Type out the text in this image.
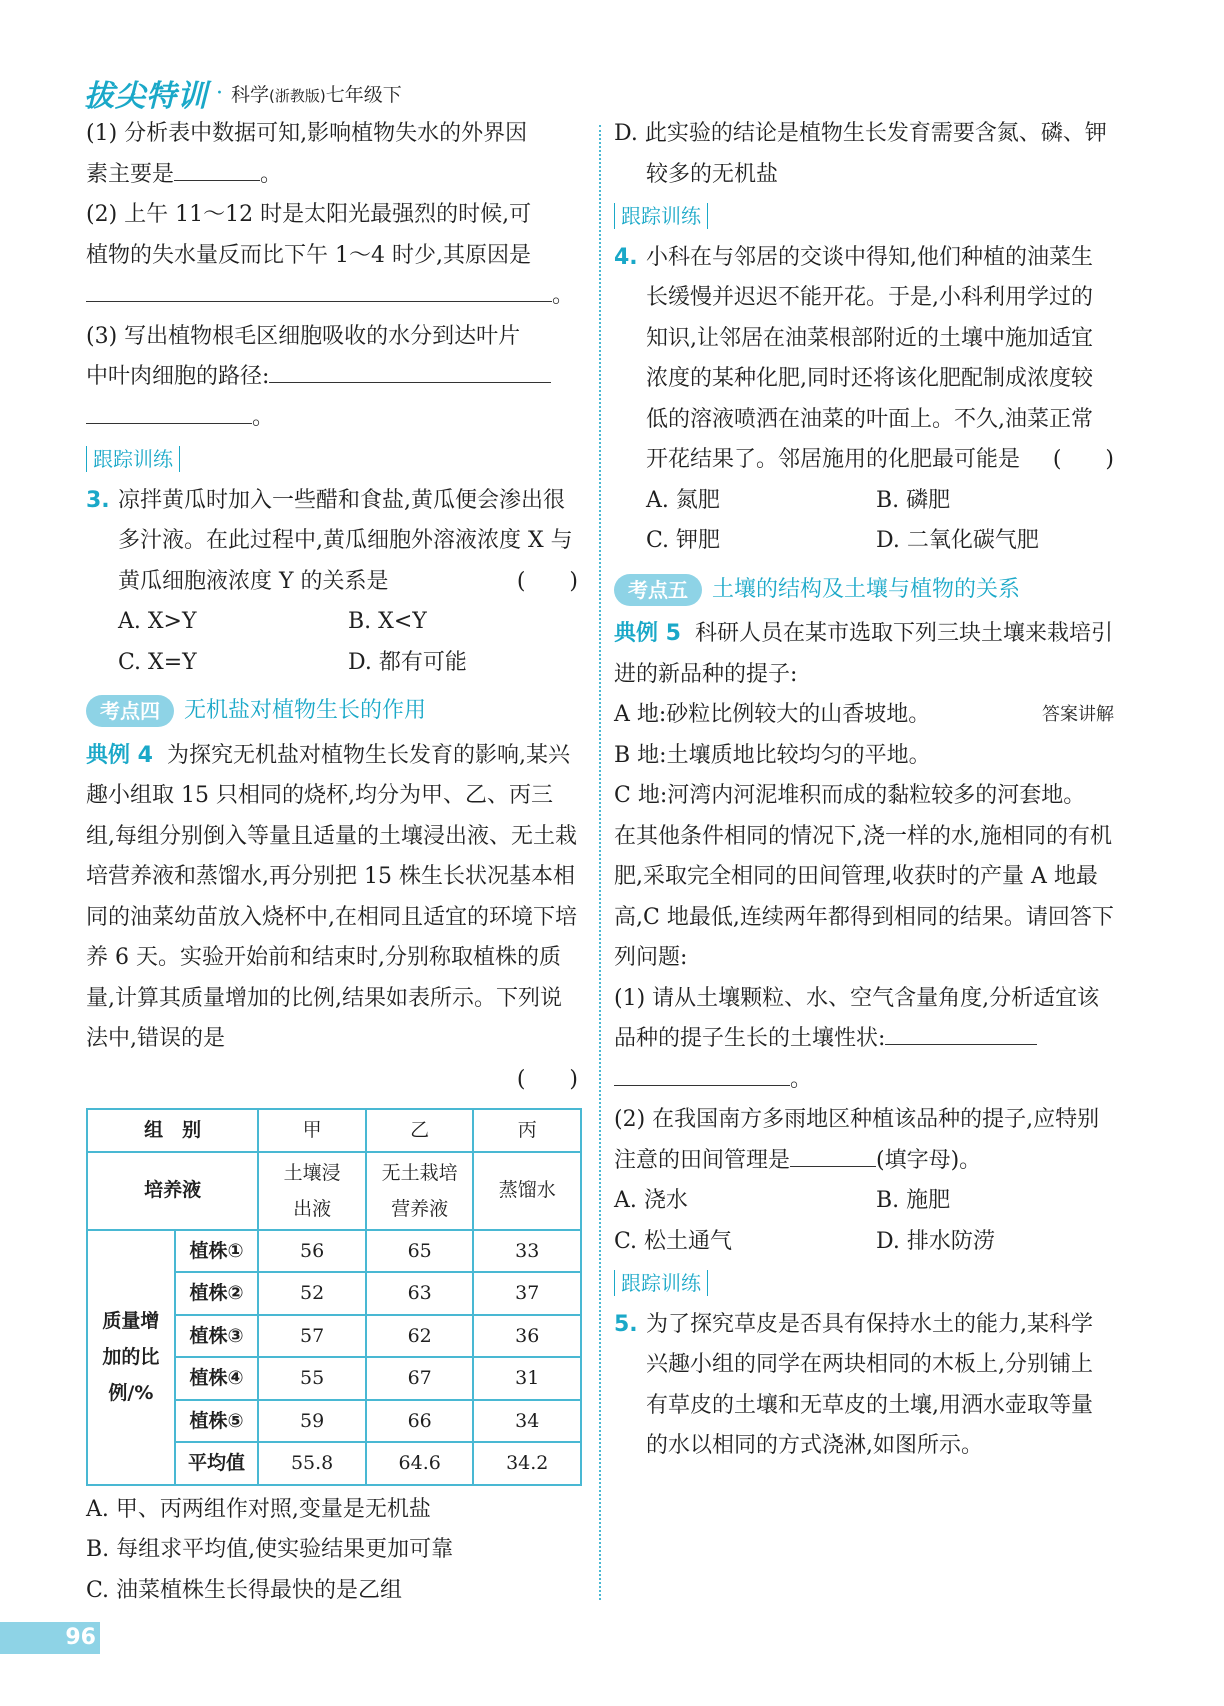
拔尖特训 · 科学(浙教版)七年级下

(1) 分析表中数据可知,影响植物失水的外界因

素主要是	。

(2) 上午 11～12 时是太阳光最强烈的时候,可

植物的失水量反而比下午 1～4 时少,其原因是

。

(3) 写出植物根毛区细胞吸收的水分到达叶片

中叶肉细胞的路径:

。

跟踪训练
3. 凉拌黄瓜时加入一些醋和食盐,黄瓜便会渗出很多汁液。在此过程中,黄瓜细胞外溶液浓度 X 与黄瓜细胞液浓度 Y 的关系是	(　　)
A. X>Y	B. X<Y
C. X=Y	D. 都有可能
考点四	无机盐对植物生长的作用

典例 4 为探究无机盐对植物生长发育的影响,某兴趣小组取 15 只相同的烧杯,均分为甲、乙、丙三组,每组分别倒入等量且适量的土壤浸出液、无土栽培营养液和蒸馏水,再分别把 15 株生长状况基本相同的油菜幼苗放入烧杯中,在相同且适宜的环境下培养 6 天。实验开始前和结束时,分别称取植株的质量,计算其质量增加的比例,结果如表所示。下列说法中,错误的是

(　　)

组　别		甲	乙	丙
培养液		土壤浸出液	无土栽培营养液	蒸馏水
质量增加的比例/%	植株①	56	65	33
	植株②	52	63	37
	植株③	57	62	36
	植株④	55	67	31
	植株⑤	59	66	34
	平均值	55.8	64.6	34.2
A. 甲、丙两组作对照,变量是无机盐
B. 每组求平均值,使实验结果更加可靠
C. 油菜植株生长得最快的是乙组

D. 此实验的结论是植物生长发育需要含氮、磷、钾较多的无机盐

跟踪训练
4. 小科在与邻居的交谈中得知,他们种植的油菜生长缓慢并迟迟不能开花。于是,小科利用学过的知识,让邻居在油菜根部附近的土壤中施加适宜浓度的某种化肥,同时还将该化肥配制成浓度较低的溶液喷洒在油菜的叶面上。不久,油菜正常开花结果了。邻居施用的化肥最可能是 (　　)
A. 氮肥	B. 磷肥
C. 钾肥	D. 二氧化碳气肥
考点五	土壤的结构及土壤与植物的关系

典例 5 科研人员在某市选取下列三块土壤来栽培引进的新品种的提子:

A 地:砂粒比例较大的山香坡地。	答案讲解

B 地:土壤质地比较均匀的平地。

C 地:河湾内河泥堆积而成的黏粒较多的河套地。

在其他条件相同的情况下,浇一样的水,施相同的有机肥,采取完全相同的田间管理,收获时的产量 A 地最高,C 地最低,连续两年都得到相同的结果。请回答下列问题:

(1) 请从土壤颗粒、水、空气含量角度,分析适宜该品种的提子生长的土壤性状:

。

(2) 在我国南方多雨地区种植该品种的提子,应特别注意的田间管理是	(填字母)。

A. 浇水	B. 施肥
C. 松土通气	D. 排水防涝
跟踪训练
5. 为了探究草皮是否具有保持水土的能力,某科学兴趣小组的同学在两块相同的木板上,分别铺上有草皮的土壤和无草皮的土壤,用洒水壶取等量的水以相同的方式浇淋,如图所示。
96
